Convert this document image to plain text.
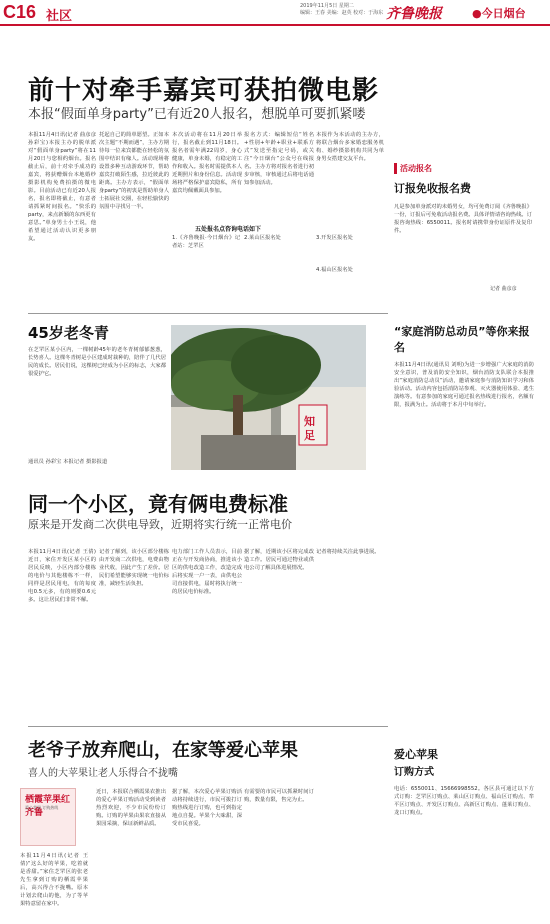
C16 社区
2019年11月5日 星期二
编辑：王春 美编：赵英 校对：于海东 齐鲁晚报	●今日烟台
前十对牵手嘉宾可获拍微电影
本报“假面单身party”已有近20人报名，想脱单可要抓紧喽
本报11月4日讯(记者 曲彦彦 孙彩宝)本报主办的脱单派对“假面单身party”将在11月20日与您相约烟台。报名截止后，前十对牵手成功的嘉宾，将获赠烟台本地婚纱摄影机构免费拍摄的微电影。目前活动已有近20人报名，报名即将截止，有意者请抓紧时间报名。“快乐的party，来点新颖的东西更有意思。”单身男士小王说，他希望通过活动认识更多朋友。
托起自己的简单愿望。正如本次主题“不期而遇”，主办方期待每一位来宾都能在轻松的氛围中结识有缘人。活动现场将设置多种互动游戏环节，帮助嘉宾打破陌生感，拉近彼此的距离。主办方表示，“假面单身party”的初衷是帮助单身人士拓展社交圈，在轻松愉快的氛围中寻找另一半。
本次活动将在11月20日举行，报名截止到11月18日。报名者需年满22周岁，身心健康，单身未婚，有稳定的工作和收入。报名时需提供本人近期照片和身份信息。活动现场将严格保护嘉宾隐私，所有嘉宾均佩戴面具参加。
报名方式：编辑短信“姓名+性别+年龄+职业+联系方式”发送至指定号码，或关注“今日烟台”公众号在线报名。主办方将对报名者进行初步审核，审核通过后将电话通知参加活动。
本报作为本活动的主办方，将联合烟台多家婚恋服务机构、婚纱摄影机构共同为单身男女搭建交友平台。
五处报名点咨询电话如下
1.《齐鲁晚报·今日烟台》记者站：芝罘区
2.莱山区报名处	3.开发区报名处
4.福山区报名处
活动报名
订报免收报名费
凡是参加单身派对的未婚男女，均可免费订阅《齐鲁晚报》一份，订报后可免收活动报名费。具体详情请咨询热线。订报咨询热线：6550011。报名时请携带身份证原件及复印件。
记者 曲彦彦
45岁老冬青
在芝罘区某小区内，一棵树龄45年的老冬青树郁郁葱葱，长势喜人。这棵冬青树是小区建成时栽种的，陪伴了几代居民的成长。居民们说，这棵树已经成为小区的标志，大家都很爱护它。
通讯员 孙彩宝 本报记者 摄影报道
知
足
“家庭消防总动员”等你来报名
本报11月4日讯(通讯员 刘明)为进一步增强广大家庭的消防安全意识，普及消防安全知识，烟台消防支队联合本报推出“家庭消防总动员”活动，邀请家庭参与消防知识学习和体验活动。活动内容包括消防站参观、灭火器使用体验、逃生演练等。有意参加的家庭可通过报名热线进行报名，名额有限，报满为止。活动将于本月中旬举行。
同一个小区，竟有俩电费标准
原来是开发商二次供电导致，近期将实行统一正常电价
本报11月4日讯(记者 王倩)近日，家住开发区某小区的居民反映，小区内部分楼栋的电价与其他楼栋不一样，同样是居民用电，有的每度电0.5元多，有的则要0.6元多。这让居民们非常不解。
记者了解到，该小区部分楼栋由开发商二次供电，电费由物业代收，因此产生了差价。居民们希望能够实现统一电价标准，减轻生活负担。
电力部门工作人员表示，目前正在与开发商协商，推进该小区的供电改造工作，改造完成后将实现一户一表，由供电公司直接供电，届时将执行统一的居民电价标准。
据了解，近期该小区将完成改造工作。居民可通过物业或供电公司了解具体进展情况。
记者将持续关注此事进展。
老爷子放弃爬山，在家等爱心苹果
喜人的大苹果让老人乐得合不拢嘴
栖霞苹果红齐鲁
爱心苹果 订购热线
本报11月4日讯(记者 王倩)“这么好的苹果，吃着就是香甜。”家住芝罘区的张老先生拿到订购的栖霞苹果后，高兴得合不拢嘴。原本计划去爬山的他，为了等苹果特意留在家中。
近日，本报联合栖霞果农推出的爱心苹果订购活动受到读者热烈欢迎，不少市民纷纷订购。订购的苹果由果农直接从果园采摘，保证新鲜品质。
据了解，本次爱心苹果订购活动将持续进行，市民可拨打订购热线进行订购，也可到指定地点自提。苹果个大味甜，深受市民喜爱。
有需要的市民可以抓紧时间订购，数量有限，售完为止。
爱心苹果
订购方式
电话：6550011、15666998552。各区县可通过以下方式订购：芝罘区订购点、莱山区订购点、福山区订购点、牟平区订购点、开发区订购点、高新区订购点、蓬莱订购点、龙口订购点。
